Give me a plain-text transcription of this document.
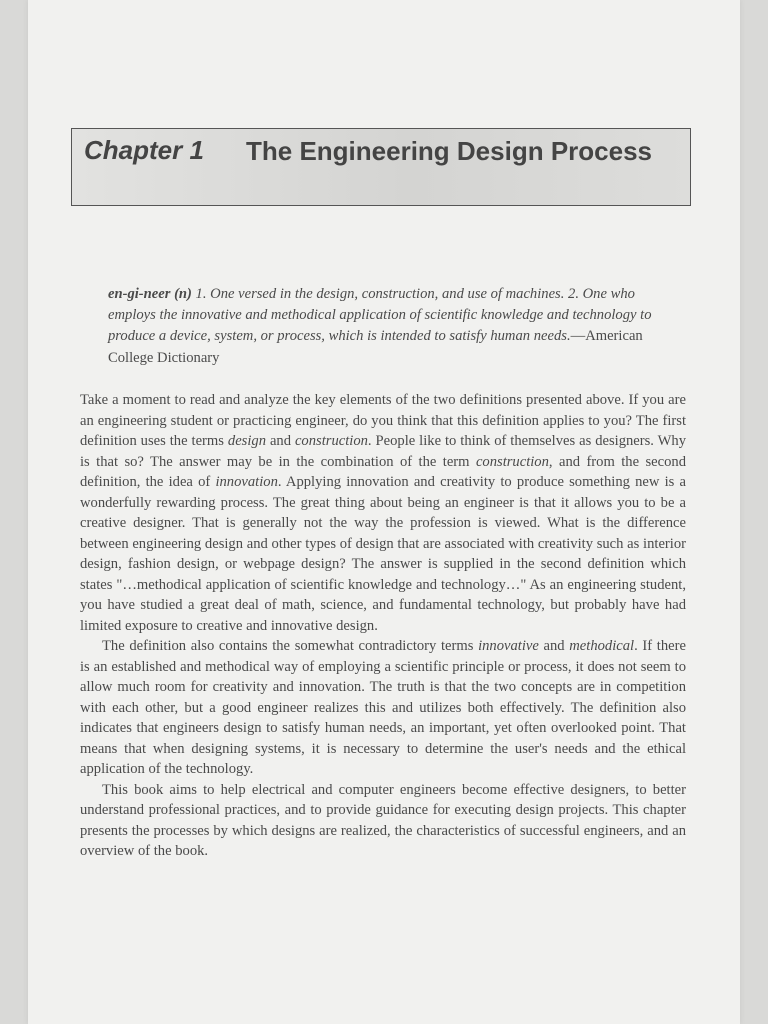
Chapter 1 The Engineering Design Process
en-gi-neer (n) 1. One versed in the design, construction, and use of machines. 2. One who employs the innovative and methodical application of scientific knowledge and technology to produce a device, system, or process, which is intended to satisfy human needs.—American College Dictionary

Take a moment to read and analyze the key elements of the two definitions presented above. If you are an engineering student or practicing engineer, do you think that this definition applies to you? The first definition uses the terms design and construction. People like to think of themselves as designers. Why is that so? The answer may be in the combination of the term construction, and from the second definition, the idea of innovation. Applying innovation and creativity to produce something new is a wonderfully rewarding process. The great thing about being an engineer is that it allows you to be a creative designer. That is generally not the way the profession is viewed. What is the difference between engineering design and other types of design that are associated with creativity such as interior design, fashion design, or webpage design? The answer is supplied in the second definition which states "…methodical application of scientific knowledge and technology…" As an engineering student, you have studied a great deal of math, science, and fundamental technology, but probably have had limited exposure to creative and innovative design.

The definition also contains the somewhat contradictory terms innovative and methodical. If there is an established and methodical way of employing a scientific principle or process, it does not seem to allow much room for creativity and innovation. The truth is that the two concepts are in competition with each other, but a good engineer realizes this and utilizes both effectively. The definition also indicates that engineers design to satisfy human needs, an important, yet often overlooked point. That means that when designing systems, it is necessary to determine the user's needs and the ethical application of the technology.

This book aims to help electrical and computer engineers become effective designers, to better understand professional practices, and to provide guidance for executing design projects. This chapter presents the processes by which designs are realized, the characteristics of successful engineers, and an overview of the book.
